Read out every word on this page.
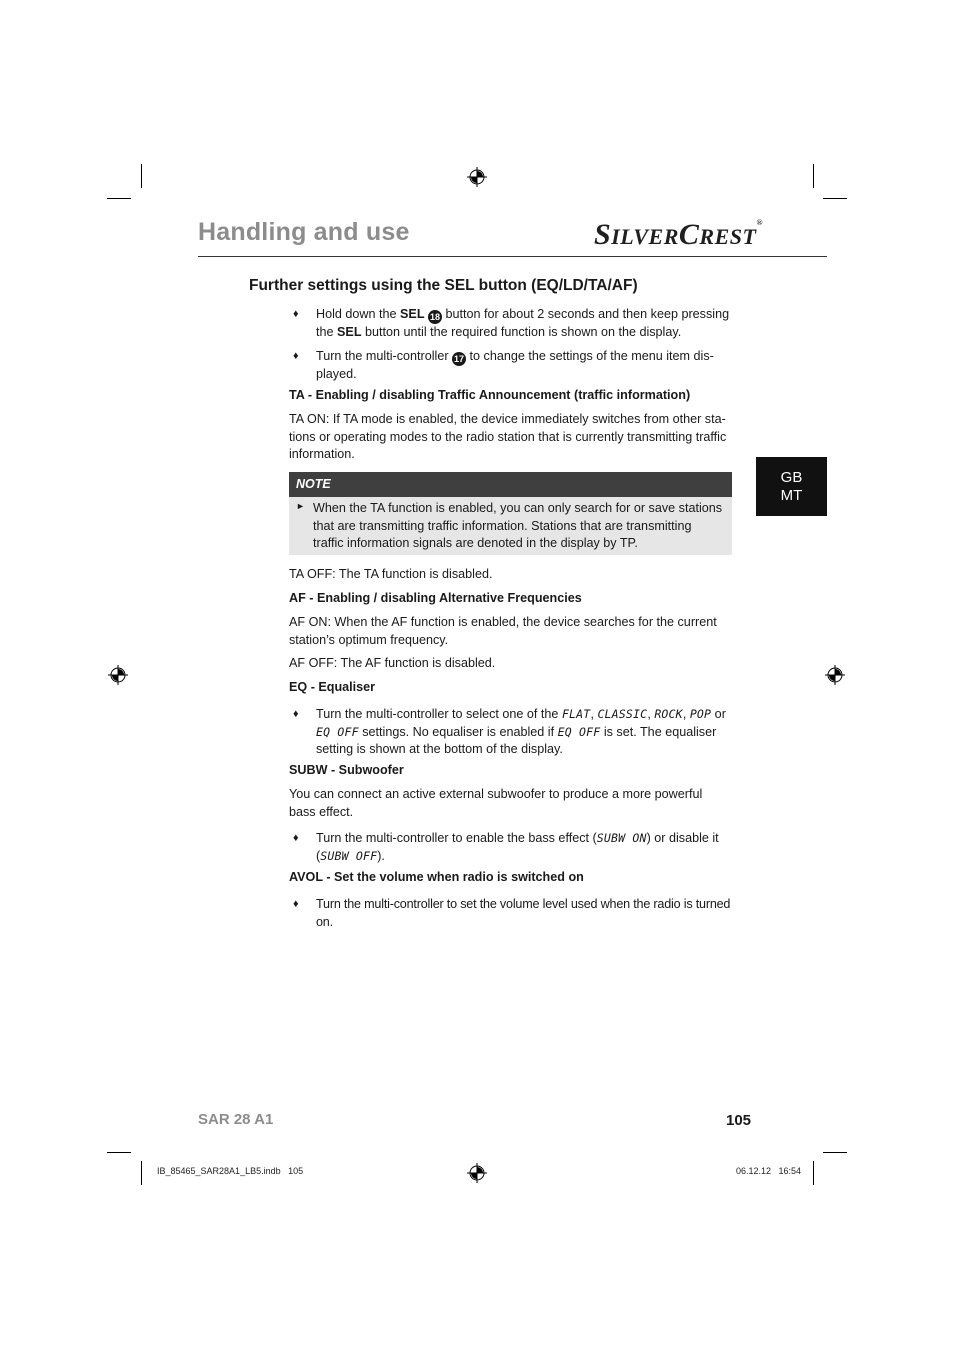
Handling and use	SILVERCREST®
GB
MT
Further settings using the SEL button (EQ/LD/TA/AF)
♦ Hold down the SEL 18 button for about 2 seconds and then keep pressing the SEL button until the required function is shown on the display.
♦ Turn the multi-controller 17 to change the settings of the menu item dis-played.
TA - Enabling / disabling Traffic Announcement (traffic information)
TA ON: If TA mode is enabled, the device immediately switches from other sta-tions or operating modes to the radio station that is currently transmitting traffic information.
NOTE
► When the TA function is enabled, you can only search for or save stations that are transmitting traffic information. Stations that are transmitting traffic information signals are denoted in the display by TP.
TA OFF: The TA function is disabled.
AF - Enabling / disabling Alternative Frequencies
AF ON: When the AF function is enabled, the device searches for the current station’s optimum frequency.
AF OFF: The AF function is disabled.
EQ - Equaliser
♦ Turn the multi-controller to select one of the FLAT, CLASSIC, ROCK, POP or EQ OFF settings. No equaliser is enabled if EQ OFF is set. The equaliser setting is shown at the bottom of the display.
SUBW - Subwoofer
You can connect an active external subwoofer to produce a more powerful bass effect.
♦ Turn the multi-controller to enable the bass effect (SUBW ON) or disable it (SUBW OFF).
AVOL - Set the volume when radio is switched on
♦ Turn the multi-controller to set the volume level used when the radio is turned on.
SAR 28 A1	105
IB_85465_SAR28A1_LB5.indb   105	06.12.12   16:54
